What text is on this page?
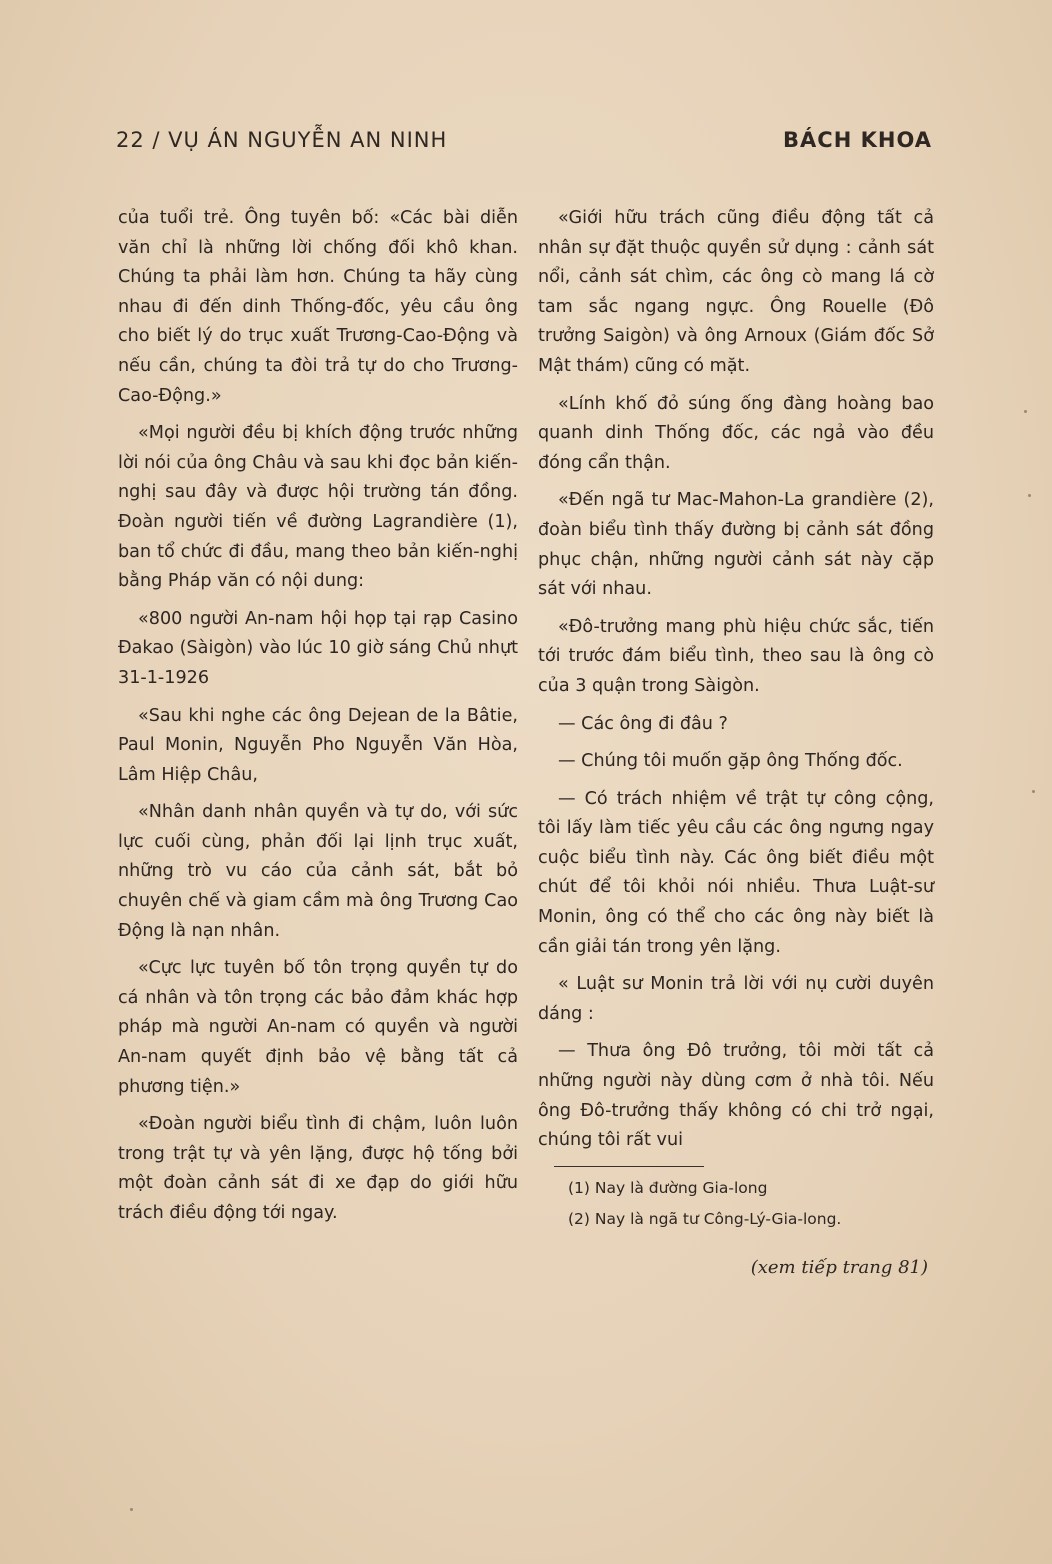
22 / VỤ ÁN NGUYỄN AN NINH	BÁCH KHOA

của tuổi trẻ. Ông tuyên bố: «Các bài diễn văn chỉ là những lời chống đối khô khan. Chúng ta phải làm hơn. Chúng ta hãy cùng nhau đi đến dinh Thống-đốc, yêu cầu ông cho biết lý do trục xuất Trương-Cao-Động và nếu cần, chúng ta đòi trả tự do cho Trương-Cao-Động.»

«Mọi người đều bị khích động trước những lời nói của ông Châu và sau khi đọc bản kiến-nghị sau đây và được hội trường tán đồng. Đoàn người tiến về đường Lagrandière (1), ban tổ chức đi đầu, mang theo bản kiến-nghị bằng Pháp văn có nội dung:

«800 người An-nam hội họp tại rạp Casino Đakao (Sàigòn) vào lúc 10 giờ sáng Chủ nhựt 31-1-1926

«Sau khi nghe các ông Dejean de la Bâtie, Paul Monin, Nguyễn Pho Nguyễn Văn Hòa, Lâm Hiệp Châu,

«Nhân danh nhân quyền và tự do, với sức lực cuối cùng, phản đối lại lịnh trục xuất, những trò vu cáo của cảnh sát, bắt bỏ chuyên chế và giam cầm mà ông Trương Cao Động là nạn nhân.

«Cực lực tuyên bố tôn trọng quyền tự do cá nhân và tôn trọng các bảo đảm khác hợp pháp mà người An-nam có quyền và người An-nam quyết định bảo vệ bằng tất cả phương tiện.»

«Đoàn người biểu tình đi chậm, luôn luôn trong trật tự và yên lặng, được hộ tống bởi một đoàn cảnh sát đi xe đạp do giới hữu trách điều động tới ngay.

«Giới hữu trách cũng điều động tất cả nhân sự đặt thuộc quyền sử dụng : cảnh sát nổi, cảnh sát chìm, các ông cò mang lá cờ tam sắc ngang ngực. Ông Rouelle (Đô trưởng Saigòn) và ông Arnoux (Giám đốc Sở Mật thám) cũng có mặt.

«Lính khố đỏ súng ống đàng hoàng bao quanh dinh Thống đốc, các ngả vào đều đóng cẩn thận.

«Đến ngã tư Mac-Mahon-La grandière (2), đoàn biểu tình thấy đường bị cảnh sát đồng phục chận, những người cảnh sát này cặp sát với nhau.

«Đô-trưởng mang phù hiệu chức sắc, tiến tới trước đám biểu tình, theo sau là ông cò của 3 quận trong Sàigòn.

— Các ông đi đâu ?

— Chúng tôi muốn gặp ông Thống đốc.

— Có trách nhiệm về trật tự công cộng, tôi lấy làm tiếc yêu cầu các ông ngưng ngay cuộc biểu tình này. Các ông biết điều một chút để tôi khỏi nói nhiều. Thưa Luật-sư Monin, ông có thể cho các ông này biết là cần giải tán trong yên lặng.

« Luật sư Monin trả lời với nụ cười duyên dáng :

— Thưa ông Đô trưởng, tôi mời tất cả những người này dùng cơm ở nhà tôi. Nếu ông Đô-trưởng thấy không có chi trở ngại, chúng tôi rất vui

(1) Nay là đường Gia-long
(2) Nay là ngã tư Công-Lý-Gia-long.
(xem tiếp trang 81)
